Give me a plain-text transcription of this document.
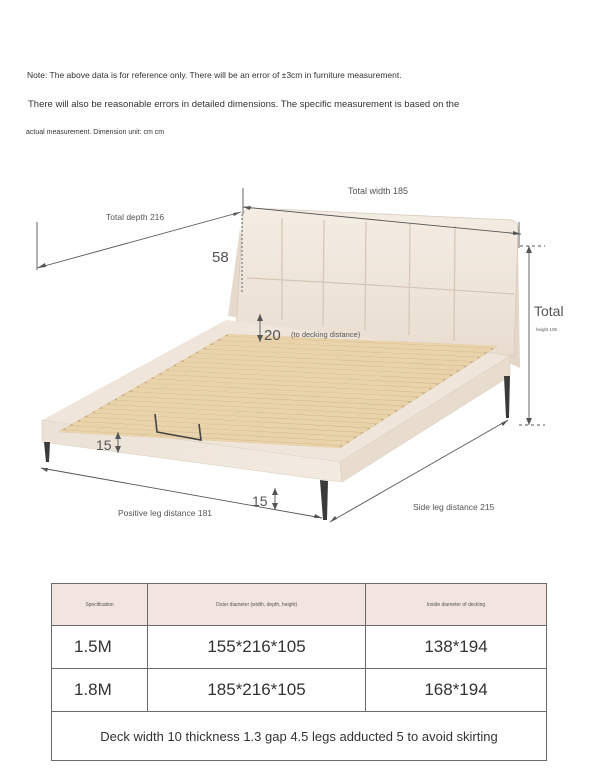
Note: The above data is for reference only. There will be an error of ±3cm in furniture measurement.
There will also be reasonable errors in detailed dimensions. The specific measurement is based on the
actual measurement. Dimension unit: cm cm
Total width 185
Total depth 216
58
20 (to decking distance)
Total
height 105
15
15
Positive leg distance 181
Side leg distance 215
Specification	Outer diameter (width, depth, height)	Inside diameter of decking
1.5M	155*216*105	138*194
1.8M	185*216*105	168*194
Deck width 10 thickness 1.3 gap 4.5 legs adducted 5 to avoid skirting		
